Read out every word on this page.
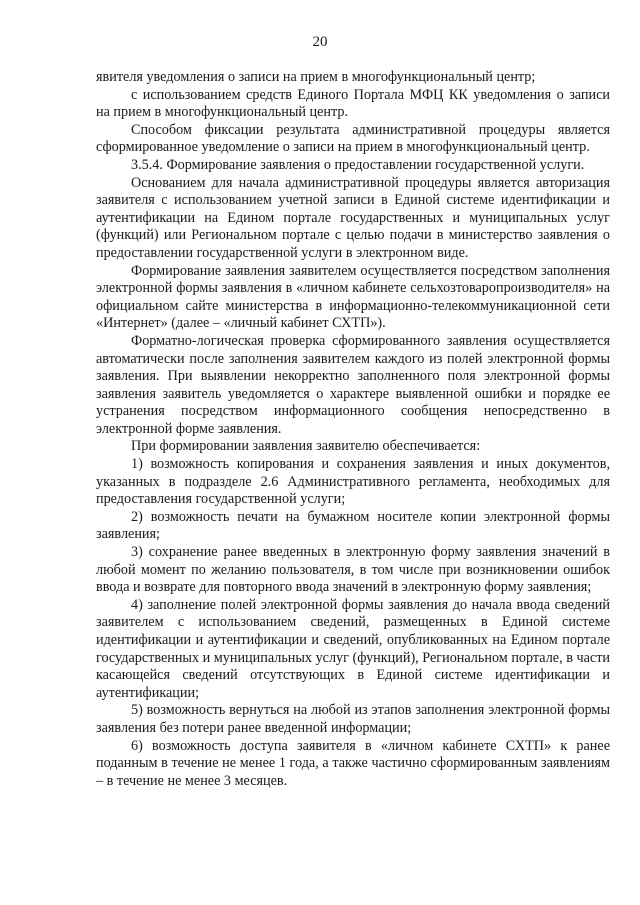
20

явителя уведомления о записи на прием в многофункциональный центр;

с использованием средств Единого Портала МФЦ КК уведомления о записи на прием в многофункциональный центр.

Способом фиксации результата административной процедуры является сформированное уведомление о записи на прием в многофункциональный центр.

3.5.4. Формирование заявления о предоставлении государственной услуги.

Основанием для начала административной процедуры является авторизация заявителя с использованием учетной записи в Единой системе идентификации и аутентификации на Едином портале государственных и муниципальных услуг (функций) или Региональном портале с целью подачи в министерство заявления о предоставлении государственной услуги в электронном виде.

Формирование заявления заявителем осуществляется посредством заполнения электронной формы заявления в «личном кабинете сельхозтоваропроизводителя» на официальном сайте министерства в информационно-телекоммуникационной сети «Интернет» (далее – «личный кабинет СХТП»).

Форматно-логическая проверка сформированного заявления осуществляется автоматически после заполнения заявителем каждого из полей электронной формы заявления. При выявлении некорректно заполненного поля электронной формы заявления заявитель уведомляется о характере выявленной ошибки и порядке ее устранения посредством информационного сообщения непосредственно в электронной форме заявления.

При формировании заявления заявителю обеспечивается:

1) возможность копирования и сохранения заявления и иных документов, указанных в подразделе 2.6 Административного регламента, необходимых для предоставления государственной услуги;

2) возможность печати на бумажном носителе копии электронной формы заявления;

3) сохранение ранее введенных в электронную форму заявления значений в любой момент по желанию пользователя, в том числе при возникновении ошибок ввода и возврате для повторного ввода значений в электронную форму заявления;

4) заполнение полей электронной формы заявления до начала ввода сведений заявителем с использованием сведений, размещенных в Единой системе идентификации и аутентификации и сведений, опубликованных на Едином портале государственных и муниципальных услуг (функций), Региональном портале, в части касающейся сведений отсутствующих в Единой системе идентификации и аутентификации;

5) возможность вернуться на любой из этапов заполнения электронной формы заявления без потери ранее введенной информации;

6) возможность доступа заявителя в «личном кабинете СХТП» к ранее поданным в течение не менее 1 года, а также частично сформированным заявлениям – в течение не менее 3 месяцев.
